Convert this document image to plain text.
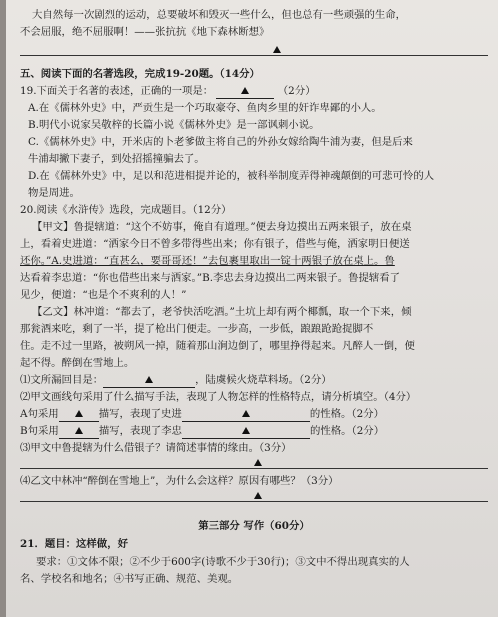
大自然每一次剧烈的运动，总要破坏和毁灭一些什么，但也总有一些顽强的生命，
不会屈服，绝不屈服啊！——张抗抗《地下森林断想》
五、阅读下面的名著选段，完成19-20题。（14分）
19.下面关于名著的表述，正确的一项是：	（2分）
A.在《儒林外史》中，严贡生是一个巧取豪夺、鱼肉乡里的奸诈卑鄙的小人。
B.明代小说家吴敬梓的长篇小说《儒林外史》是一部讽刺小说。
C.《儒林外史》中，开米店的卜老爹做主将自己的外孙女嫁给陶牛浦为妻，但是后来
牛浦却撇下妻子，到处招摇撞骗去了。
D.在《儒林外史》中，足以和范进相提并论的，被科举制度弄得神魂颠倒的可悲可怜的人
物是周进。
20.阅读《水浒传》选段，完成题目。（12分）
【甲文】鲁提辖道：“这个不妨事，俺自有道理。”便去身边摸出五两来银子，放在桌
上，看着史进道：“洒家今日不曾多带得些出来；你有银子，借些与俺，洒家明日便送
还你。”A.史进道：“直甚么，要哥哥还！”去包裹里取出一锭十两银子放在桌上。鲁
达看着李忠道：“你也借些出来与洒家。”B.李忠去身边摸出二两来银子。鲁提辖看了
见少，便道：“也是个不爽利的人！”
【乙文】林冲道：“都去了，老爷快活吃酒。”土坑上却有两个椰瓢，取一个下来，倾
那瓮酒来吃，剩了一半，提了枪出门便走。一步高，一步低，踉踉跄跄捉脚不
住。走不过一里路，被朔风一掉，随着那山涧边倒了，哪里挣得起来。凡醉人一倒，便
起不得。醉倒在雪地上。
⑴文所漏回目是：	，陆虞候火烧草料场。（2分）
⑵甲文画线句采用了什么描写手法，表现了人物怎样的性格特点，请分析填空。（4分）
A句采用	描写，表现了史进	的性格。（2分）
B句采用	描写，表现了李忠	的性格。（2分）
⑶甲文中鲁提辖为什么借银子？请简述事情的缘由。（3分）
⑷乙文中林冲“醉倒在雪地上”，为什么会这样？原因有哪些？（3分）
第三部分 写作（60分）
21．题目：这样做，好
要求：①文体不限；②不少于600字(诗歌不少于30行)；③文中不得出现真实的人
名、学校名和地名；④书写正确、规范、美观。
